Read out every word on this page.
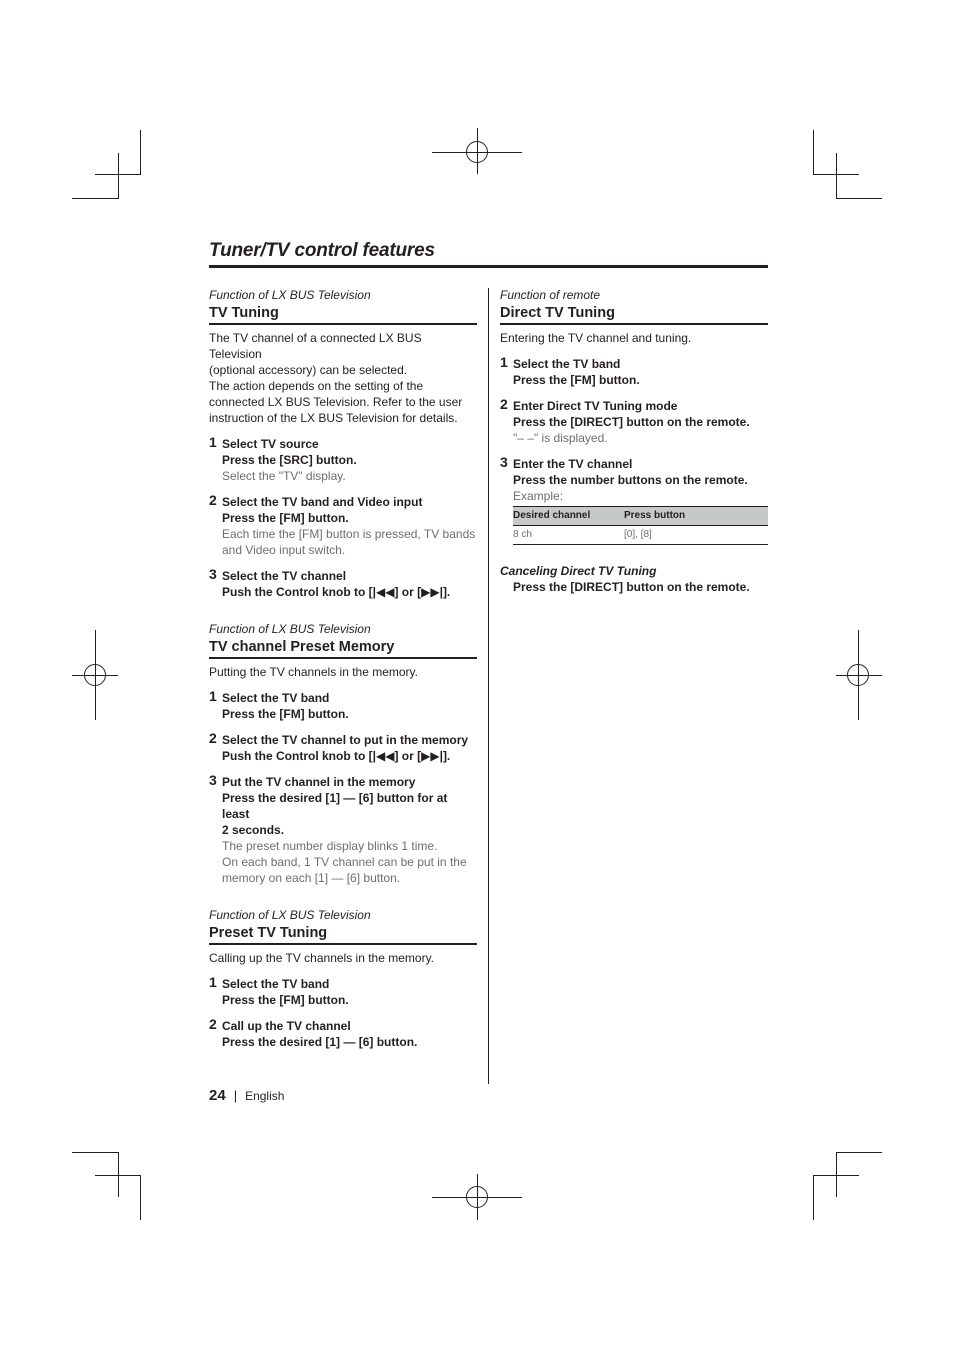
Tuner/TV control features

Function of LX BUS Television

TV Tuning

The TV channel of a connected LX BUS Television
(optional accessory) can be selected.
The action depends on the setting of the
connected LX BUS Television. Refer to the user
instruction of the LX BUS Television for details.

1 Select TV source
Press the [SRC] button.
Select the "TV" display.
2 Select the TV band and Video input
Press the [FM] button.
Each time the [FM] button is pressed, TV bands
and Video input switch.
3 Select the TV channel
Push the Control knob to [|◀◀] or [▶▶|].

Function of LX BUS Television

TV channel Preset Memory

Putting the TV channels in the memory.

1 Select the TV band
Press the [FM] button.
2 Select the TV channel to put in the memory
Push the Control knob to [|◀◀] or [▶▶|].
3 Put the TV channel in the memory
Press the desired [1] — [6] button for at least
2 seconds.
The preset number display blinks 1 time.
On each band, 1 TV channel can be put in the
memory on each [1] — [6] button.

Function of LX BUS Television

Preset TV Tuning

Calling up the TV channels in the memory.

1 Select the TV band
Press the [FM] button.
2 Call up the TV channel
Press the desired [1] — [6] button.

Function of remote

Direct TV Tuning

Entering the TV channel and tuning.

1 Select the TV band
Press the [FM] button.
2 Enter Direct TV Tuning mode
Press the [DIRECT] button on the remote.
"– –" is displayed.
3 Enter the TV channel
Press the number buttons on the remote.
Example:
Desired channel	Press button
8 ch	[0], [8]

Canceling Direct TV Tuning

Press the [DIRECT] button on the remote.

24 | English
